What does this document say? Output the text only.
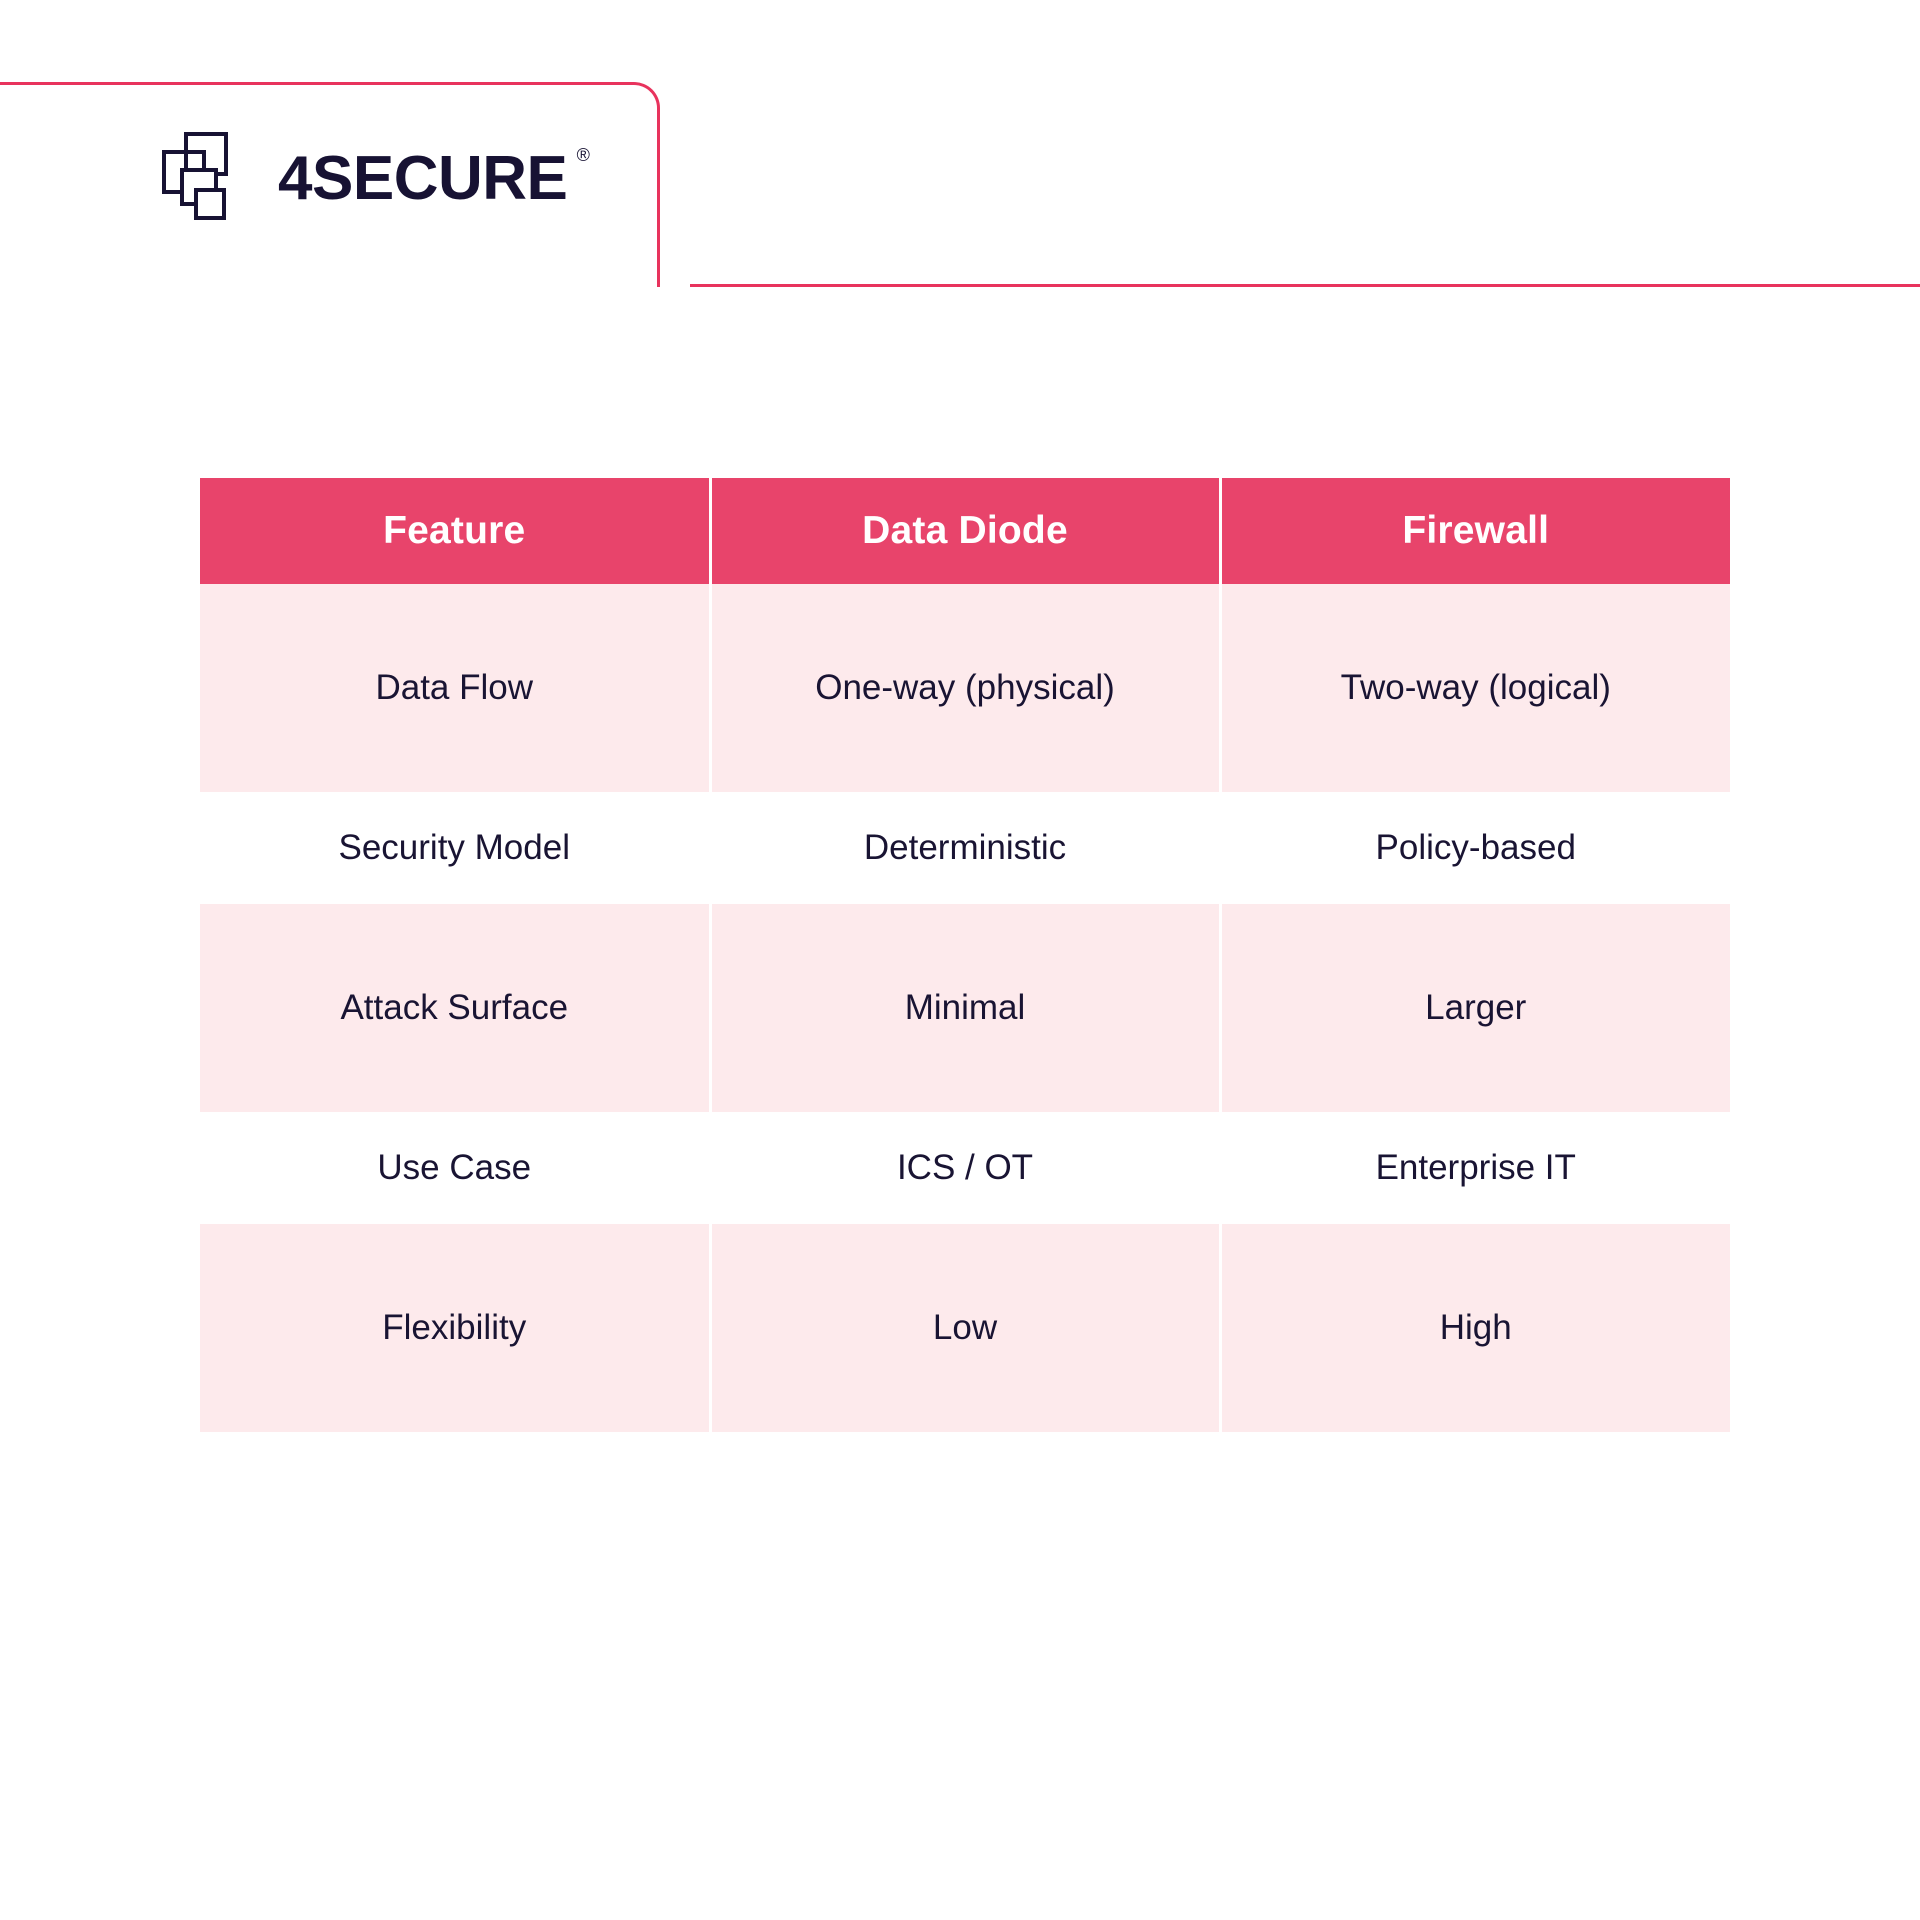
4SECURE ®
Feature	Data Diode	Firewall
Data Flow	One-way (physical)	Two-way (logical)
Security Model	Deterministic	Policy-based
Attack Surface	Minimal	Larger
Use Case	ICS / OT	Enterprise IT
Flexibility	Low	High
